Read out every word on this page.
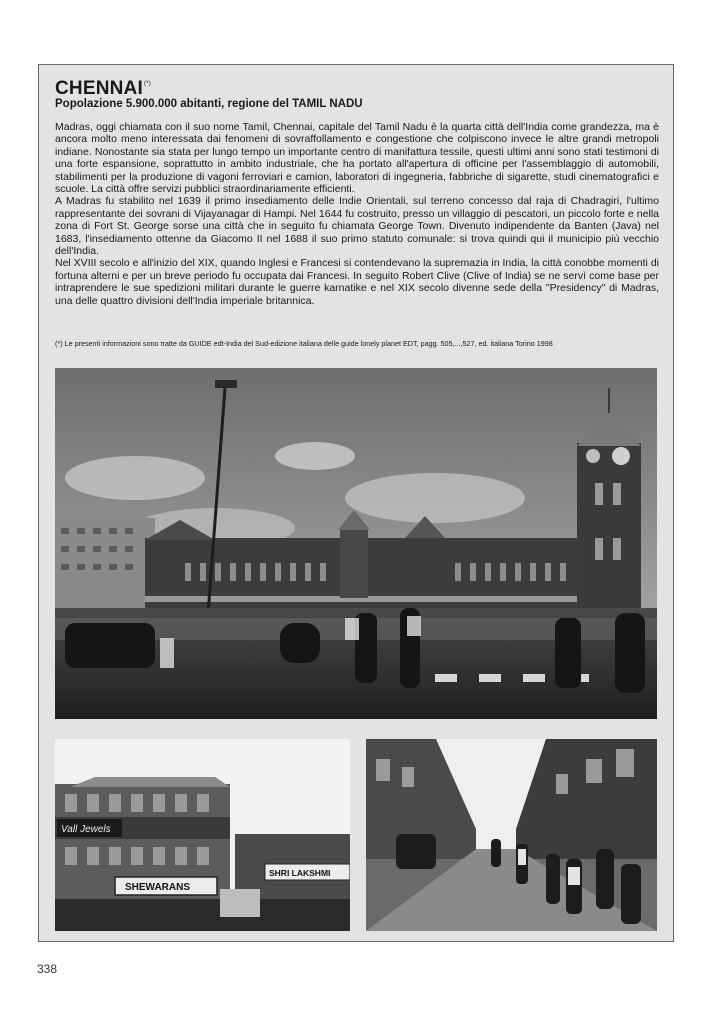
CHENNAI(*)
Popolazione 5.900.000 abitanti, regione del TAMIL NADU

Madras, oggi chiamata con il suo nome Tamil, Chennai, capitale del Tamil Nadu è la quarta città dell'India come grandezza, ma è ancora molto meno interessata dai fenomeni di sovraffollamento e congestione che colpiscono invece le altre grandi metropoli indiane. Nonostante sia stata per lungo tempo un importante centro di manifattura tessile, questi ultimi anni sono stati testimoni di una forte espansione, soprattutto in ambito industriale, che ha portato all'apertura di officine per l'assemblaggio di automobili, stabilimenti per la produzione di vagoni ferroviari e camion, laboratori di ingegneria, fabbriche di sigarette, studi cinematografici e scuole. La città offre servizi pubblici straordinariamente efficienti.

A Madras fu stabilito nel 1639 il primo insediamento delle Indie Orientali, sul terreno concesso dal raja di Chadragiri, l'ultimo rappresentante dei sovrani di Vijayanagar di Hampi. Nel 1644 fu costruito, presso un villaggio di pescatori, un piccolo forte e nella zona di Fort St. George sorse una città che in seguito fu chiamata George Town. Divenuto indipendente da Banten (Java) nel 1683, l'insediamento ottenne da Giacomo II nel 1688 il suo primo statuto comunale: si trova quindi qui il municipio più vecchio dell'India.

Nel XVIII secolo e all'inizio del XIX, quando Inglesi e Francesi si contendevano la supremazia in India, la città conobbe momenti di fortuna alterni e per un breve periodo fu occupata dai Francesi. In seguito Robert Clive (Clive of India) se ne servì come base per intraprendere le sue spedizioni militari durante le guerre karnatike e nel XIX secolo divenne sede della "Presidency" di Madras, una delle quattro divisioni dell'India imperiale britannica.

(*) Le presenti informazioni sono tratte da GUIDE edt-India del Sud-edizione italiana delle guide lonely planet EDT, pagg. 505,...,527, ed. italiana Torino 1998
Vall Jewels
SHEWARANS
SHRI LAKSHMI
338
